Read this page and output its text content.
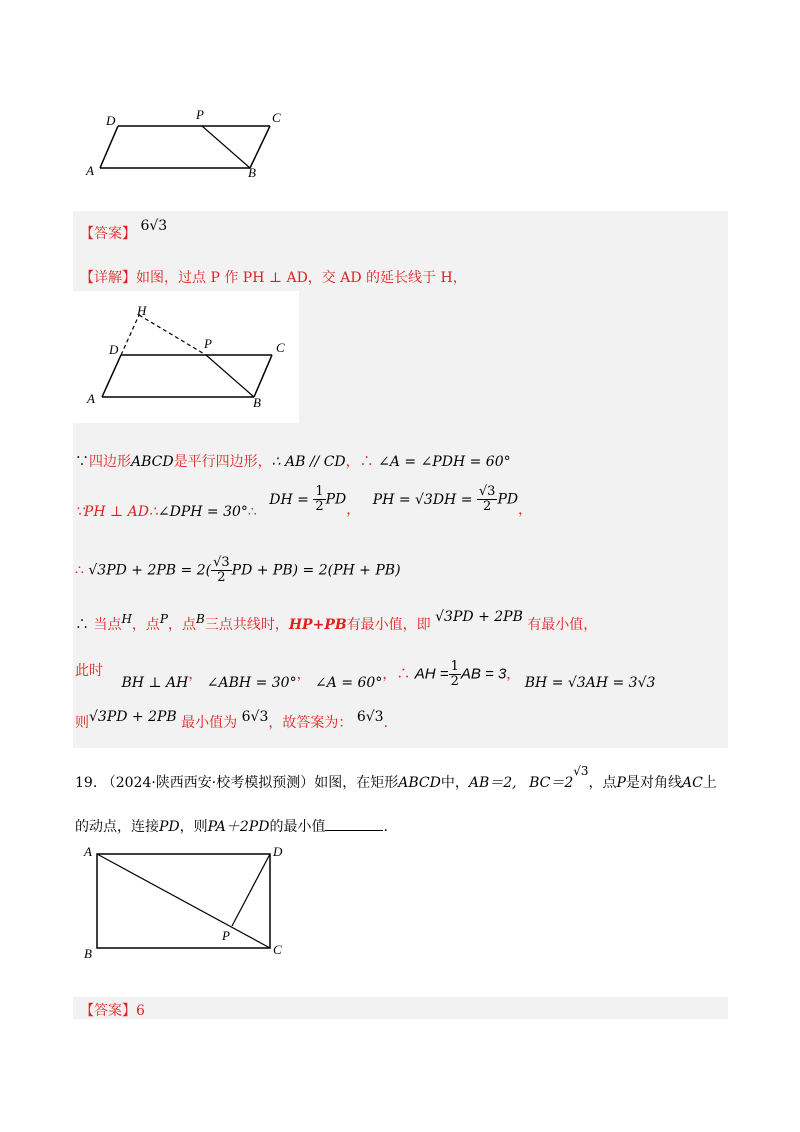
D	P	C
A	B
【答案】 6√3
【详解】如图，过点 P 作 PH ⊥ AD，交 AD 的延长线于 H，
H
D	P	C
A	B
∵四边形ABCD是平行四边形，∴ AB // CD，∴ ∠A = ∠PDH = 60°
∵PH ⊥ AD∴∠DPH = 30°∴ DH = $\frac{1}{2}$ PD， PH = $√3DH = \frac{√3}{2}$ PD，
∴ $√3PD + 2PB = 2( \frac{√3}{2}$ PD + PB) = 2(PH + PB)
∴ 当点H，点P，点B三点共线时，HP+PB有最小值，即 √3PD + 2PB 有最小值，
此时 BH ⊥ AH， ∠ABH = 30°， ∠A = 60°，∴ AH = $\frac{1}{2}$ AB = 3， BH = √3AH = 3√3
则√3PD + 2PB 最小值为 6√3，故答案为： 6√3.
19. （2024·陕西西安·校考模拟预测）如图，在矩形ABCD中，AB＝2, BC＝2√3，点P是对角线AC上
的动点，连接PD，则PA＋2PD的最小值	.
A	D
P
B	C
【答案】6
